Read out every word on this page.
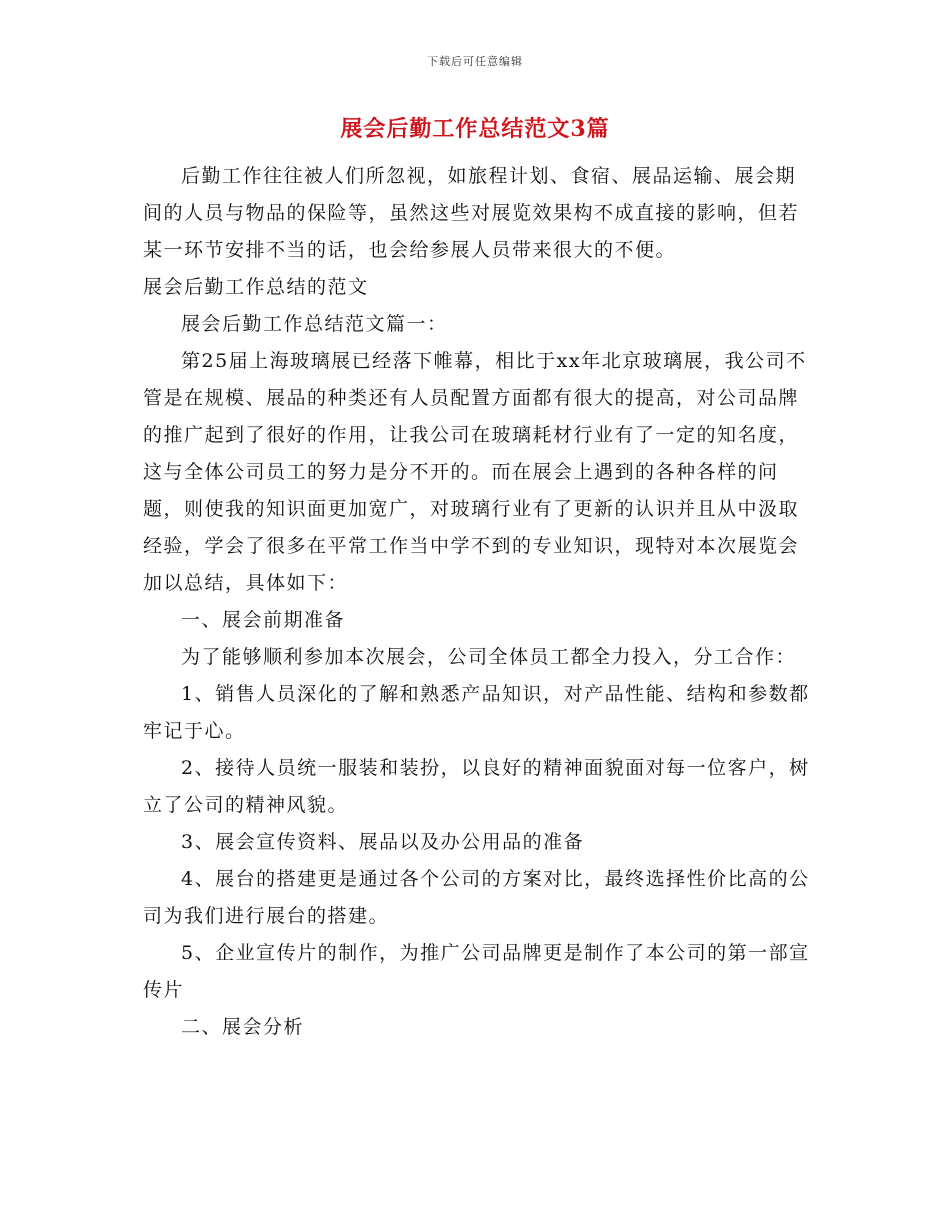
下载后可任意编辑
展会后勤工作总结范文3篇

后勤工作往往被人们所忽视，如旅程计划、食宿、展品运输、展会期间的人员与物品的保险等，虽然这些对展览效果构不成直接的影响，但若某一环节安排不当的话，也会给参展人员带来很大的不便。

展会后勤工作总结的范文

展会后勤工作总结范文篇一：

第25届上海玻璃展已经落下帷幕，相比于xx年北京玻璃展，我公司不管是在规模、展品的种类还有人员配置方面都有很大的提高，对公司品牌的推广起到了很好的作用，让我公司在玻璃耗材行业有了一定的知名度，这与全体公司员工的努力是分不开的。而在展会上遇到的各种各样的问题，则使我的知识面更加宽广，对玻璃行业有了更新的认识并且从中汲取经验，学会了很多在平常工作当中学不到的专业知识，现特对本次展览会加以总结，具体如下：

一、展会前期准备

为了能够顺利参加本次展会，公司全体员工都全力投入，分工合作：

1、销售人员深化的了解和熟悉产品知识，对产品性能、结构和参数都牢记于心。

2、接待人员统一服装和装扮，以良好的精神面貌面对每一位客户，树立了公司的精神风貌。

3、展会宣传资料、展品以及办公用品的准备

4、展台的搭建更是通过各个公司的方案对比，最终选择性价比高的公司为我们进行展台的搭建。

5、企业宣传片的制作，为推广公司品牌更是制作了本公司的第一部宣传片

二、展会分析
